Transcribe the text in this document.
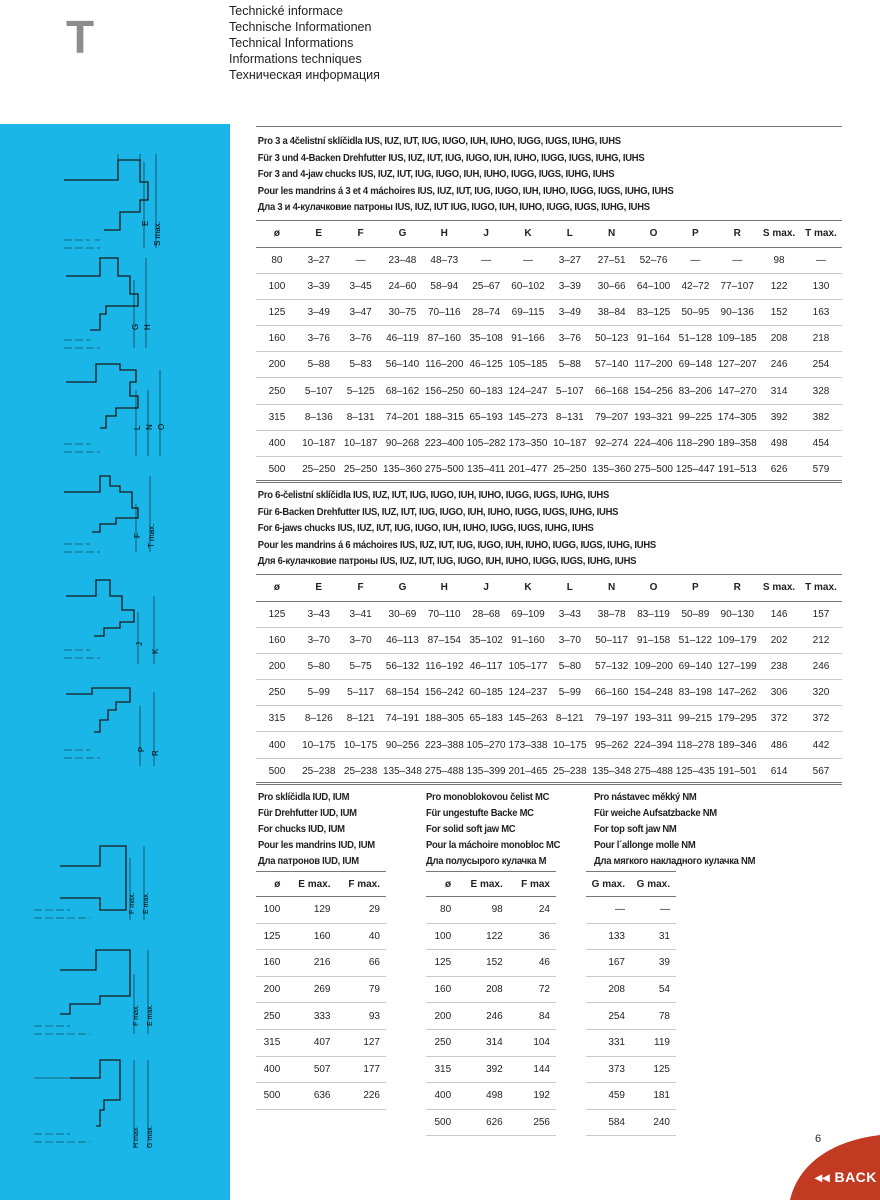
T	Technické informace
Technische Informationen
Technical Informations
Informations techniques
Техническая информация
E S max.
G H
L N O
F T max.
J
K
P
R
F max. E max.
F max. E max.
H max. G max.
Pro 3 a 4čelistní sklíčidla IUS, IUZ, IUT, IUG, IUGO, IUH, IUHO, IUGG, IUGS, IUHG, IUHS
Für 3 und 4-Backen Drehfutter IUS, IUZ, IUT, IUG, IUGO, IUH, IUHO, IUGG, IUGS, IUHG, IUHS
For 3 and 4-jaw chucks IUS, IUZ, IUT, IUG, IUGO, IUH, IUHO, IUGG, IUGS, IUHG, IUHS
Pour les mandrins á 3 et 4 máchoires IUS, IUZ, IUT, IUG, IUGO, IUH, IUHO, IUGG, IUGS, IUHG, IUHS
Дла 3 и 4-кулачковие патроны IUS, IUZ, IUT IUG, IUGO, IUH, IUHO, IUGG, IUGS, IUHG, IUHS
ø	E	F	G	H	J	K	L	N	O	P	R	S max.	T max.
80	3–27	—	23–48	48–73	—	—	3–27	27–51	52–76	—	—	98	—
100	3–39	3–45	24–60	58–94	25–67	60–102	3–39	30–66	64–100	42–72	77–107	122	130
125	3–49	3–47	30–75	70–116	28–74	69–115	3–49	38–84	83–125	50–95	90–136	152	163
160	3–76	3–76	46–119	87–160	35–108	91–166	3–76	50–123	91–164	51–128	109–185	208	218
200	5–88	5–83	56–140	116–200	46–125	105–185	5–88	57–140	117–200	69–148	127–207	246	254
250	5–107	5–125	68–162	156–250	60–183	124–247	5–107	66–168	154–256	83–206	147–270	314	328
315	8–136	8–131	74–201	188–315	65–193	145–273	8–131	79–207	193–321	99–225	174–305	392	382
400	10–187	10–187	90–268	223–400	105–282	173–350	10–187	92–274	224–406	118–290	189–358	498	454
500	25–250	25–250	135–360	275–500	135–411	201–477	25–250	135–360	275–500	125–447	191–513	626	579
Pro 6-čelistní sklíčidla IUS, IUZ, IUT, IUG, IUGO, IUH, IUHO, IUGG, IUGS, IUHG, IUHS
Für 6-Backen Drehfutter IUS, IUZ, IUT, IUG, IUGO, IUH, IUHO, IUGG, IUGS, IUHG, IUHS
For 6-jaws chucks IUS, IUZ, IUT, IUG, IUGO, IUH, IUHO, IUGG, IUGS, IUHG, IUHS
Pour les mandrins á 6 máchoires IUS, IUZ, IUT, IUG, IUGO, IUH, IUHO, IUGG, IUGS, IUHG, IUHS
Для 6-кулачковие патроны IUS, IUZ, IUT, IUG, IUGO, IUH, IUHO, IUGG, IUGS, IUHG, IUHS
ø	E	F	G	H	J	K	L	N	O	P	R	S max.	T max.
125	3–43	3–41	30–69	70–110	28–68	69–109	3–43	38–78	83–119	50–89	90–130	146	157
160	3–70	3–70	46–113	87–154	35–102	91–160	3–70	50–117	91–158	51–122	109–179	202	212
200	5–80	5–75	56–132	116–192	46–117	105–177	5–80	57–132	109–200	69–140	127–199	238	246
250	5–99	5–117	68–154	156–242	60–185	124–237	5–99	66–160	154–248	83–198	147–262	306	320
315	8–126	8–121	74–191	188–305	65–183	145–263	8–121	79–197	193–311	99–215	179–295	372	372
400	10–175	10–175	90–256	223–388	105–270	173–338	10–175	95–262	224–394	118–278	189–346	486	442
500	25–238	25–238	135–348	275–488	135–399	201–465	25–238	135–348	275–488	125–435	191–501	614	567
Pro sklíčidla IUD, IUM
Für Drehfutter IUD, IUM
For chucks IUD, IUM
Pour les mandrins IUD, IUM
Дла патронов IUD, IUM
Pro monoblokovou čelist MC
Für ungestufte Backe MC
For solid soft jaw MC
Pour la máchoire monobloc MC
Дла полусырого кулачка M
Pro nástavec měkký NM
Für weiche Aufsatzbacke NM
For top soft jaw NM
Pour l´allonge molle NM
Дла мягкого накладного кулачка NM
ø	E max.	F max.
100	129	29
125	160	40
160	216	66
200	269	79
250	333	93
315	407	127
400	507	177
500	636	226
ø	E max.	F max
80	98	24
100	122	36
125	152	46
160	208	72
200	246	84
250	314	104
315	392	144
400	498	192
500	626	256
G max.	G max.
—	—
133	31
167	39
208	54
254	78
331	119
373	125
459	181
584	240
6
◂◂ BACK
